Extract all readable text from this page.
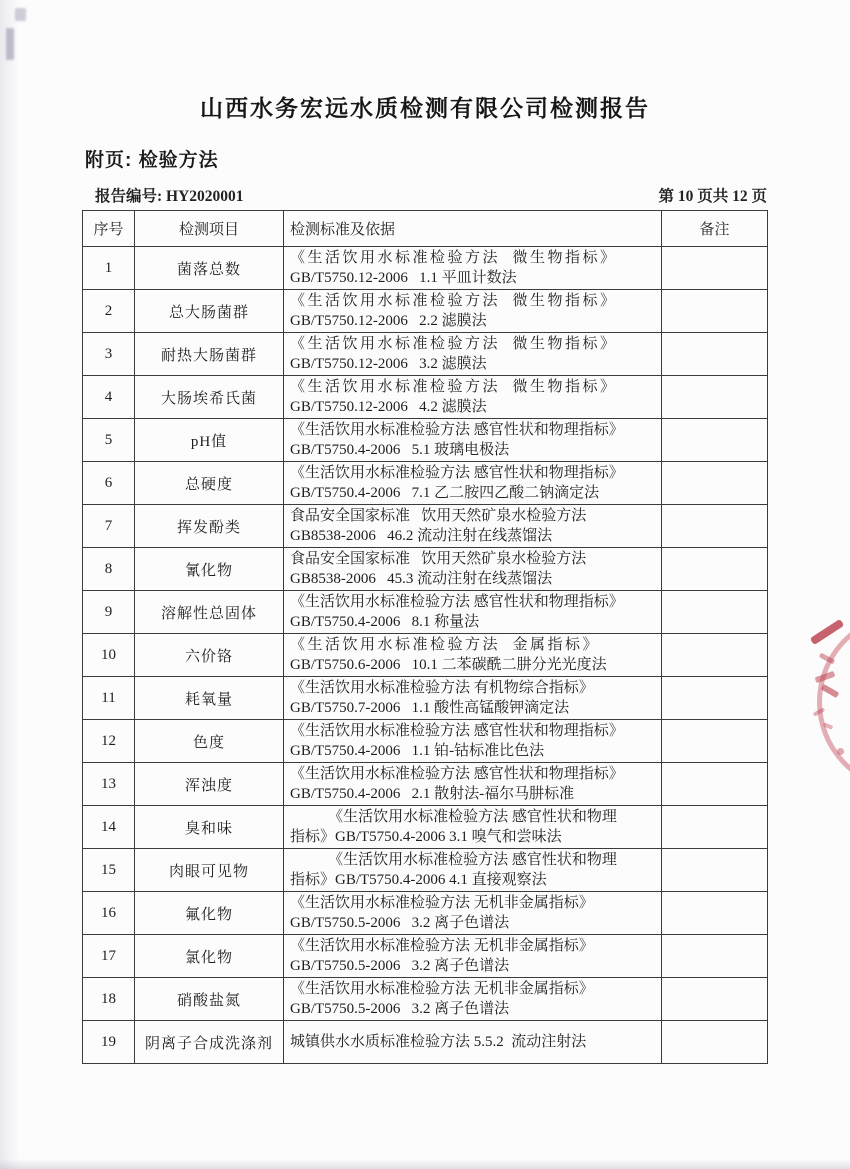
山西水务宏远水质检测有限公司检测报告
附页: 检验方法
报告编号: HY2020001	第 10 页共 12 页
序号	检测项目	检测标准及依据	备注
1	菌落总数	《生活饮用水标准检验方法  微生物指标》
GB/T5750.12-2006   1.1 平皿计数法	

2	总大肠菌群	《生活饮用水标准检验方法  微生物指标》
GB/T5750.12-2006   2.2 滤膜法	

3	耐热大肠菌群	《生活饮用水标准检验方法  微生物指标》
GB/T5750.12-2006   3.2 滤膜法	

4	大肠埃希氏菌	《生活饮用水标准检验方法  微生物指标》
GB/T5750.12-2006   4.2 滤膜法	

5	pH值	《生活饮用水标准检验方法 感官性状和物理指标》
GB/T5750.4-2006   5.1 玻璃电极法	

6	总硬度	《生活饮用水标准检验方法 感官性状和物理指标》
GB/T5750.4-2006   7.1 乙二胺四乙酸二钠滴定法	

7	挥发酚类	食品安全国家标准   饮用天然矿泉水检验方法
GB8538-2006   46.2 流动注射在线蒸馏法	

8	氰化物	食品安全国家标准   饮用天然矿泉水检验方法
GB8538-2006   45.3 流动注射在线蒸馏法	

9	溶解性总固体	《生活饮用水标准检验方法 感官性状和物理指标》
GB/T5750.4-2006   8.1 称量法	

10	六价铬	《生活饮用水标准检验方法  金属指标》
GB/T5750.6-2006   10.1 二苯碳酰二肼分光光度法	

11	耗氧量	《生活饮用水标准检验方法 有机物综合指标》
GB/T5750.7-2006   1.1 酸性高锰酸钾滴定法	

12	色度	《生活饮用水标准检验方法 感官性状和物理指标》
GB/T5750.4-2006   1.1 铂-钴标准比色法	

13	浑浊度	《生活饮用水标准检验方法 感官性状和物理指标》
GB/T5750.4-2006   2.1 散射法-福尔马肼标准	

14	臭和味	《生活饮用水标准检验方法 感官性状和物理
指标》GB/T5750.4-2006 3.1 嗅气和尝味法	

15	肉眼可见物	《生活饮用水标准检验方法 感官性状和物理
指标》GB/T5750.4-2006 4.1 直接观察法	

16	氟化物	《生活饮用水标准检验方法 无机非金属指标》
GB/T5750.5-2006   3.2 离子色谱法	

17	氯化物	《生活饮用水标准检验方法 无机非金属指标》
GB/T5750.5-2006   3.2 离子色谱法	

18	硝酸盐氮	《生活饮用水标准检验方法 无机非金属指标》
GB/T5750.5-2006   3.2 离子色谱法	

19	阴离子合成洗涤剂	城镇供水水质标准检验方法 5.5.2  流动注射法	
